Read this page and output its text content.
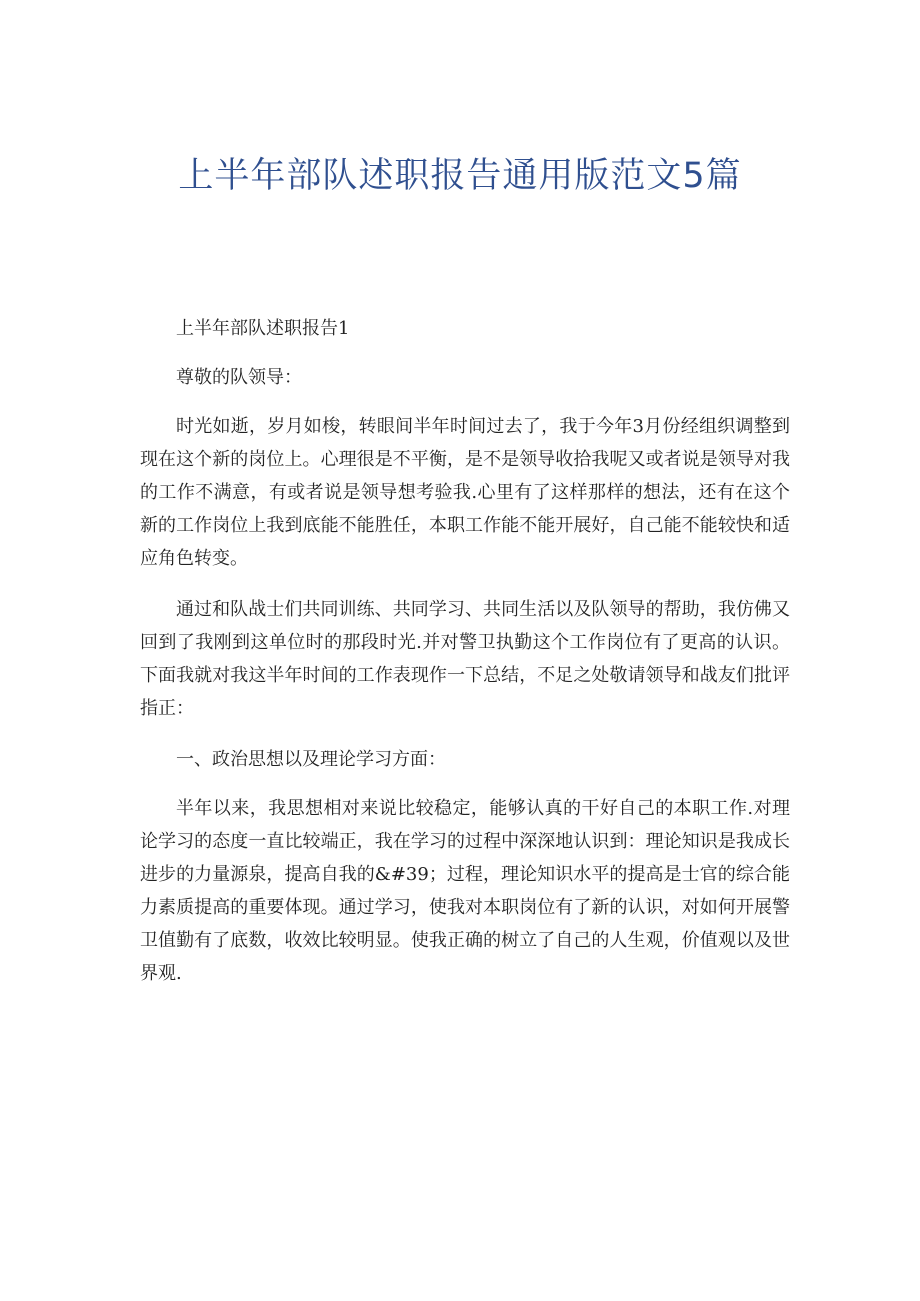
上半年部队述职报告通用版范文5篇

上半年部队述职报告1

尊敬的队领导：

时光如逝，岁月如梭，转眼间半年时间过去了，我于今年3月份经组织调整到现在这个新的岗位上。心理很是不平衡，是不是领导收拾我呢又或者说是领导对我的工作不满意，有或者说是领导想考验我.心里有了这样那样的想法，还有在这个新的工作岗位上我到底能不能胜任，本职工作能不能开展好，自己能不能较快和适应角色转变。

通过和队战士们共同训练、共同学习、共同生活以及队领导的帮助，我仿佛又回到了我刚到这单位时的那段时光.并对警卫执勤这个工作岗位有了更高的认识。下面我就对我这半年时间的工作表现作一下总结，不足之处敬请领导和战友们批评指正：

一、政治思想以及理论学习方面：

半年以来，我思想相对来说比较稳定，能够认真的干好自己的本职工作.对理论学习的态度一直比较端正，我在学习的过程中深深地认识到：理论知识是我成长进步的力量源泉，提高自我的&#39；过程，理论知识水平的提高是士官的综合能力素质提高的重要体现。通过学习，使我对本职岗位有了新的认识，对如何开展警卫值勤有了底数，收效比较明显。使我正确的树立了自己的人生观，价值观以及世界观.
